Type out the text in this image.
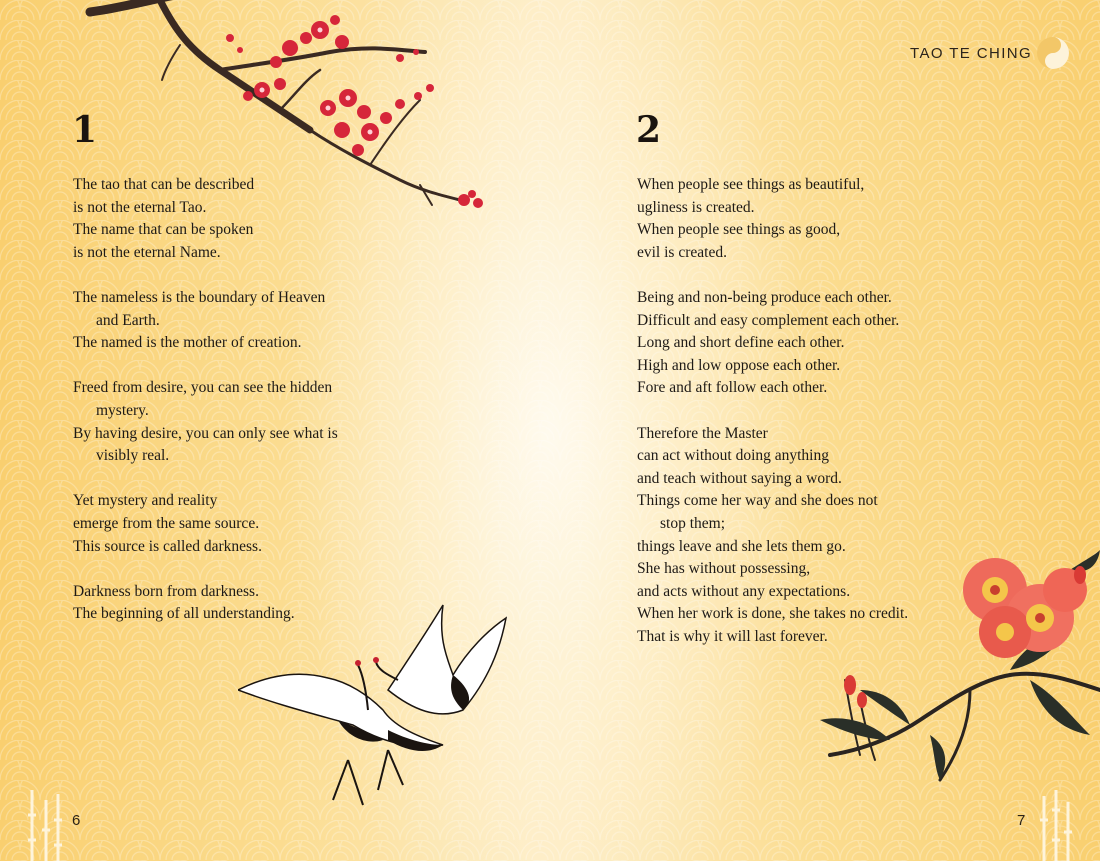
1
The tao that can be described
is not the eternal Tao.
The name that can be spoken
is not the eternal Name.
The nameless is the boundary of Heaven
and Earth.
The named is the mother of creation.
Freed from desire, you can see the hidden
mystery.
By having desire, you can only see what is
visibly real.
Yet mystery and reality
emerge from the same source.
This source is called darkness.
Darkness born from darkness.
The beginning of all understanding.
6
TAO TE CHING
2
When people see things as beautiful,
ugliness is created.
When people see things as good,
evil is created.
Being and non-being produce each other.
Difficult and easy complement each other.
Long and short define each other.
High and low oppose each other.
Fore and aft follow each other.
Therefore the Master
can act without doing anything
and teach without saying a word.
Things come her way and she does not
stop them;
things leave and she lets them go.
She has without possessing,
and acts without any expectations.
When her work is done, she takes no credit.
That is why it will last forever.
7
